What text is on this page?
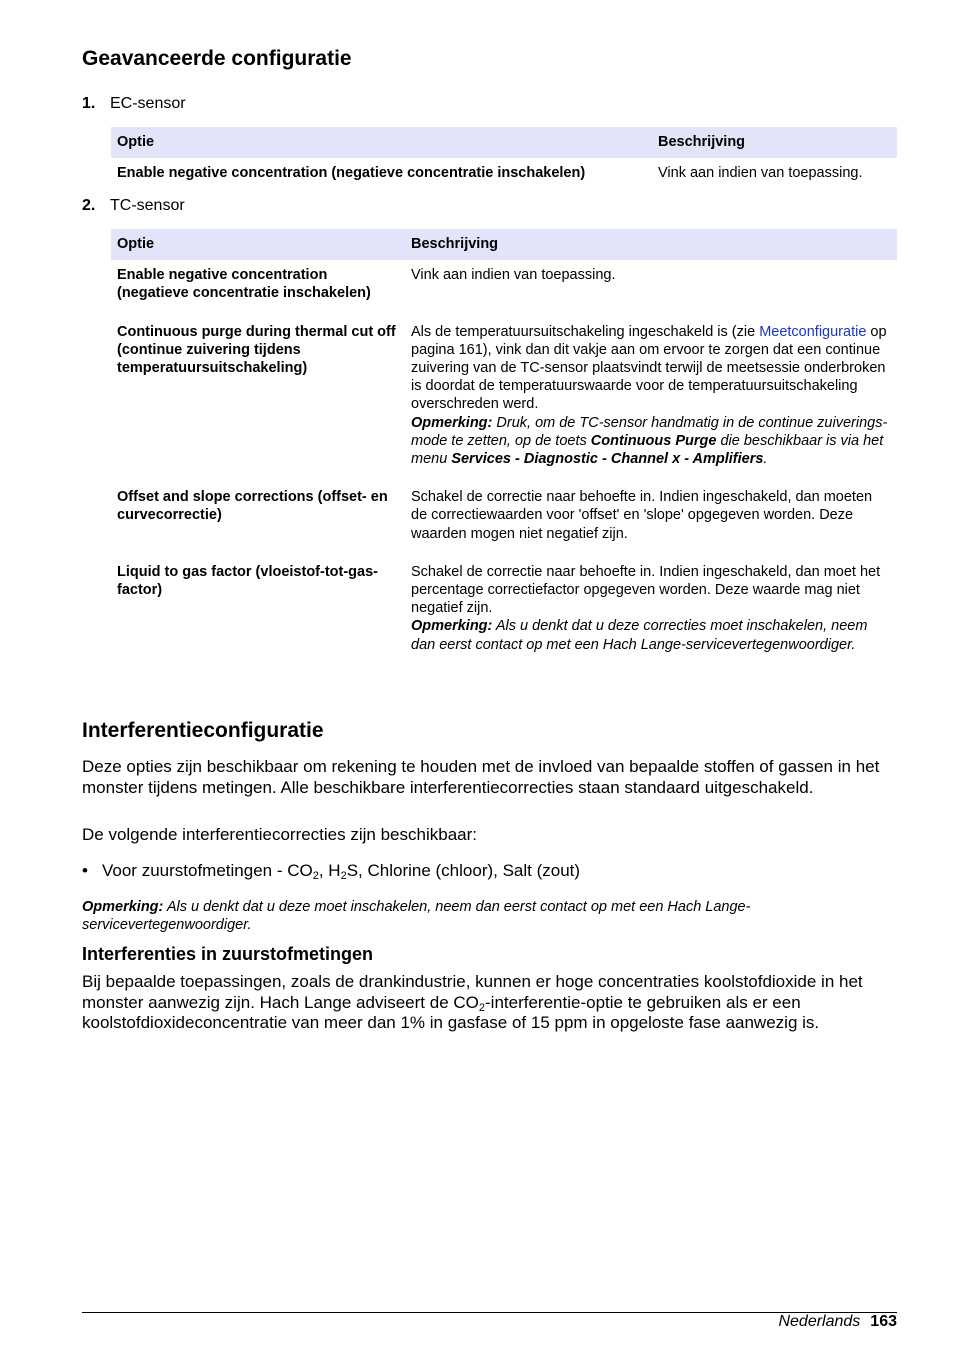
Geavanceerde configuratie
1. EC-sensor
Optie	Beschrijving
Enable negative concentration (negatieve concentratie inschakelen)	Vink aan indien van toepassing.
2. TC-sensor
Optie	Beschrijving
Enable negative concentration (negatieve concentratie inschakelen)	Vink aan indien van toepassing.
Continuous purge during thermal cut off (continue zuivering tijdens temperatuursuitschakeling)	Als de temperatuursuitschakeling ingeschakeld is (zie Meetconfiguratie op pagina 161), vink dan dit vakje aan om ervoor te zorgen dat een continue zuivering van de TC-sensor plaatsvindt terwijl de meetsessie onderbroken is doordat de temperatuurswaarde voor de temperatuursuitschakeling overschreden werd.
Opmerking: Druk, om de TC-sensor handmatig in de continue zuiverings-mode te zetten, op de toets Continuous Purge die beschikbaar is via het menu Services - Diagnostic - Channel x - Amplifiers.
Offset and slope corrections (offset- en curvecorrectie)	Schakel de correctie naar behoefte in. Indien ingeschakeld, dan moeten de correctiewaarden voor 'offset' en 'slope' opgegeven worden. Deze waarden mogen niet negatief zijn.
Liquid to gas factor (vloeistof-tot-gas-factor)	Schakel de correctie naar behoefte in. Indien ingeschakeld, dan moet het percentage correctiefactor opgegeven worden. Deze waarde mag niet negatief zijn.
Opmerking: Als u denkt dat u deze correcties moet inschakelen, neem dan eerst contact op met een Hach Lange-servicevertegenwoordiger.
Interferentieconfiguratie
Deze opties zijn beschikbaar om rekening te houden met de invloed van bepaalde stoffen of gassen in het monster tijdens metingen. Alle beschikbare interferentiecorrecties staan standaard uitgeschakeld.
De volgende interferentiecorrecties zijn beschikbaar:
• Voor zuurstofmetingen - $CO_2$, $H_2S$, Chlorine (chloor), Salt (zout)
Opmerking: Als u denkt dat u deze moet inschakelen, neem dan eerst contact op met een Hach Lange-servicevertegenwoordiger.
Interferenties in zuurstofmetingen
Bij bepaalde toepassingen, zoals de drankindustrie, kunnen er hoge concentraties koolstofdioxide in het monster aanwezig zijn. Hach Lange adviseert de $CO_2-interferentie$-optie te gebruiken als er een koolstofdioxideconcentratie van meer dan 1% in gasfase of 15 ppm in opgeloste fase aanwezig is.
Nederlands 163
